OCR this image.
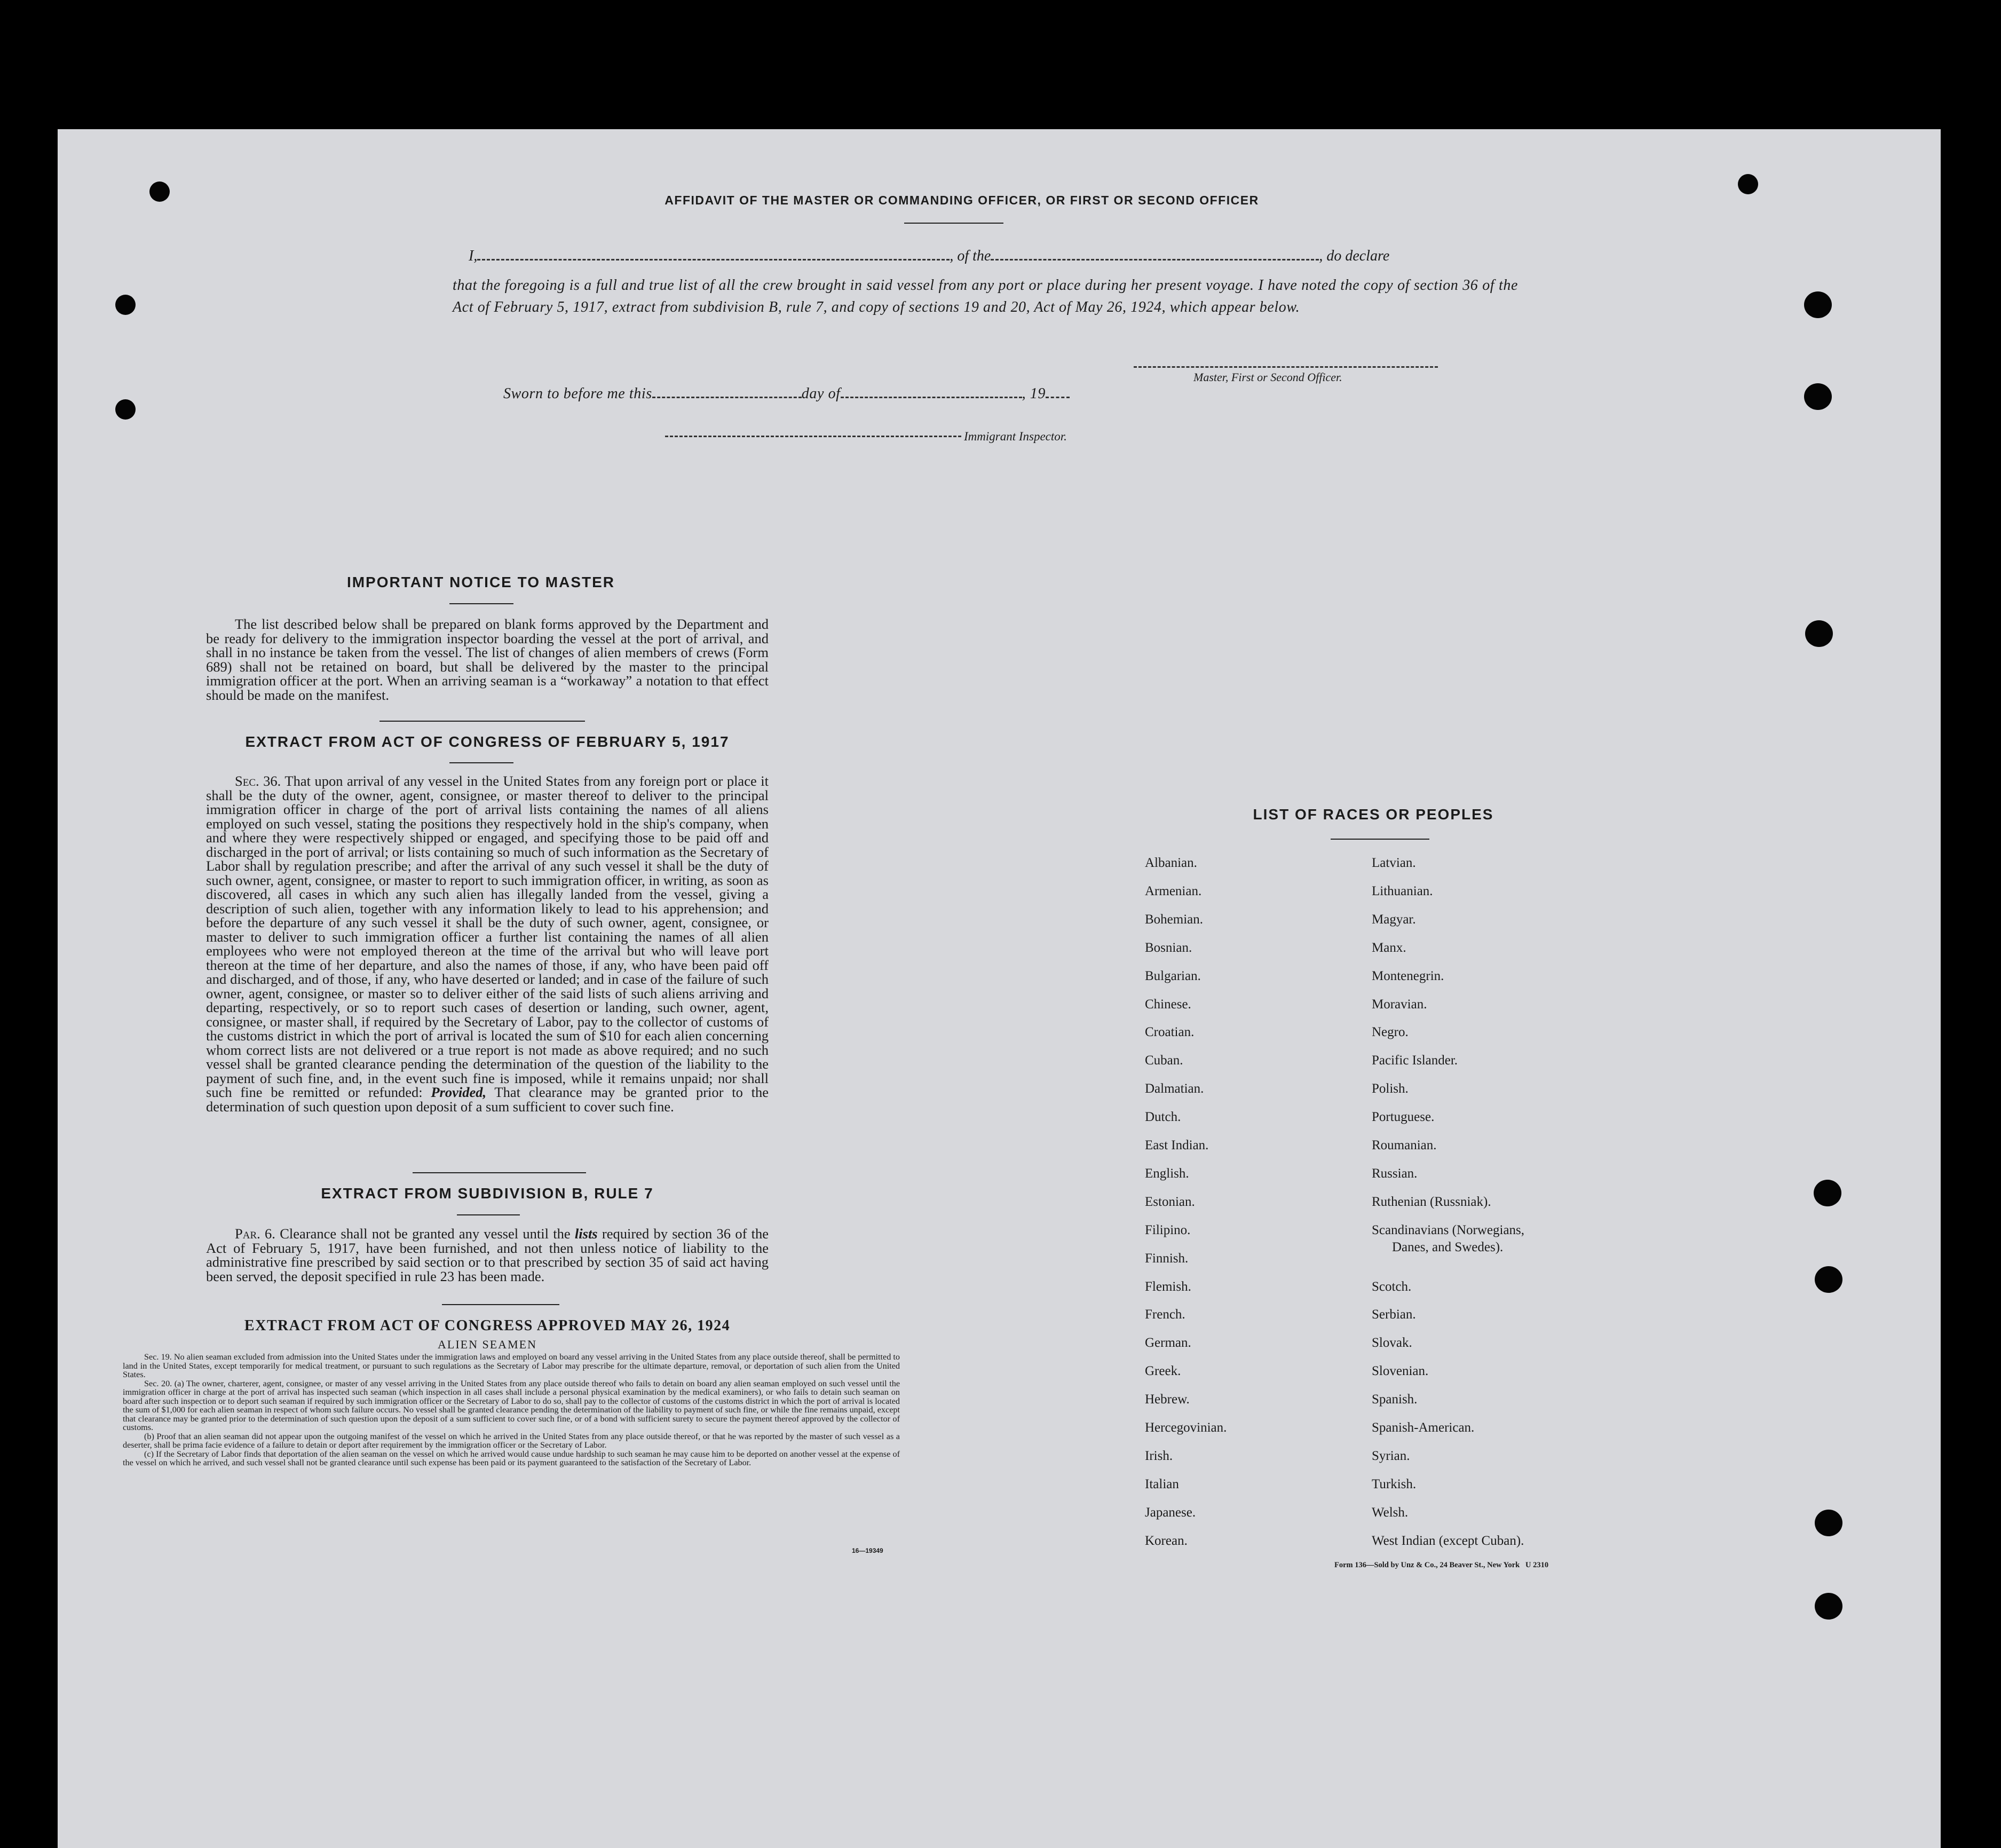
AFFIDAVIT OF THE MASTER OR COMMANDING OFFICER, OR FIRST OR SECOND OFFICER
I,	, of the	, do declare
that the foregoing is a full and true list of all the crew brought in said vessel from any port or place during her present voyage. I have noted the copy of section 36 of the Act of February 5, 1917, extract from subdivision B, rule 7, and copy of sections 19 and 20, Act of May 26, 1924, which appear below.
Master, First or Second Officer.
Sworn to before me this	day of	, 19
Immigrant Inspector.
IMPORTANT NOTICE TO MASTER
The list described below shall be prepared on blank forms approved by the Department and be ready for delivery to the immigration inspector boarding the vessel at the port of arrival, and shall in no instance be taken from the vessel. The list of changes of alien members of crews (Form 689) shall not be retained on board, but shall be delivered by the master to the principal immigration officer at the port. When an arriving seaman is a “workaway” a notation to that effect should be made on the manifest.
EXTRACT FROM ACT OF CONGRESS OF FEBRUARY 5, 1917
Sec. 36. That upon arrival of any vessel in the United States from any foreign port or place it shall be the duty of the owner, agent, consignee, or master thereof to deliver to the principal immigration officer in charge of the port of arrival lists containing the names of all aliens employed on such vessel, stating the positions they respectively hold in the ship's company, when and where they were respectively shipped or engaged, and specifying those to be paid off and discharged in the port of arrival; or lists containing so much of such information as the Secretary of Labor shall by regulation prescribe; and after the arrival of any such vessel it shall be the duty of such owner, agent, consignee, or master to report to such immigration officer, in writing, as soon as discovered, all cases in which any such alien has illegally landed from the vessel, giving a description of such alien, together with any information likely to lead to his apprehension; and before the departure of any such vessel it shall be the duty of such owner, agent, consignee, or master to deliver to such immigration officer a further list containing the names of all alien employees who were not employed thereon at the time of the arrival but who will leave port thereon at the time of her departure, and also the names of those, if any, who have been paid off and discharged, and of those, if any, who have deserted or landed; and in case of the failure of such owner, agent, consignee, or master so to deliver either of the said lists of such aliens arriving and departing, respectively, or so to report such cases of desertion or landing, such owner, agent, consignee, or master shall, if required by the Secretary of Labor, pay to the collector of customs of the customs district in which the port of arrival is located the sum of $10 for each alien concerning whom correct lists are not delivered or a true report is not made as above required; and no such vessel shall be granted clearance pending the determination of the question of the liability to the payment of such fine, and, in the event such fine is imposed, while it remains unpaid; nor shall such fine be remitted or refunded: Provided, That clearance may be granted prior to the determination of such question upon deposit of a sum sufficient to cover such fine.
EXTRACT FROM SUBDIVISION B, RULE 7
Par. 6. Clearance shall not be granted any vessel until the lists required by section 36 of the Act of February 5, 1917, have been furnished, and not then unless notice of liability to the administrative fine prescribed by said section or to that prescribed by section 35 of said act having been served, the deposit specified in rule 23 has been made.
EXTRACT FROM ACT OF CONGRESS APPROVED MAY 26, 1924
ALIEN SEAMEN
Sec. 19. No alien seaman excluded from admission into the United States under the immigration laws and employed on board any vessel arriving in the United States from any place outside thereof, shall be permitted to land in the United States, except temporarily for medical treatment, or pursuant to such regulations as the Secretary of Labor may prescribe for the ultimate departure, removal, or deportation of such alien from the United States.
Sec. 20. (a) The owner, charterer, agent, consignee, or master of any vessel arriving in the United States from any place outside thereof who fails to detain on board any alien seaman employed on such vessel until the immigration officer in charge at the port of arrival has inspected such seaman (which inspection in all cases shall include a personal physical examination by the medical examiners), or who fails to detain such seaman on board after such inspection or to deport such seaman if required by such immigration officer or the Secretary of Labor to do so, shall pay to the collector of customs of the customs district in which the port of arrival is located the sum of $1,000 for each alien seaman in respect of whom such failure occurs. No vessel shall be granted clearance pending the determination of the liability to payment of such fine, or while the fine remains unpaid, except that clearance may be granted prior to the determination of such question upon the deposit of a sum sufficient to cover such fine, or of a bond with sufficient surety to secure the payment thereof approved by the collector of customs.
(b) Proof that an alien seaman did not appear upon the outgoing manifest of the vessel on which he arrived in the United States from any place outside thereof, or that he was reported by the master of such vessel as a deserter, shall be prima facie evidence of a failure to detain or deport after requirement by the immigration officer or the Secretary of Labor.
(c) If the Secretary of Labor finds that deportation of the alien seaman on the vessel on which he arrived would cause undue hardship to such seaman he may cause him to be deported on another vessel at the expense of the vessel on which he arrived, and such vessel shall not be granted clearance until such expense has been paid or its payment guaranteed to the satisfaction of the Secretary of Labor.
16—19349
LIST OF RACES OR PEOPLES
Form 136—Sold by Unz & Co., 24 Beaver St., New York   U 2310
Albanian.
Armenian.
Bohemian.
Bosnian.
Bulgarian.
Chinese.
Croatian.
Cuban.
Dalmatian.
Dutch.
East Indian.
English.
Estonian.
Filipino.
Finnish.
Flemish.
French.
German.
Greek.
Hebrew.
Hercegovinian.
Irish.
Italian
Japanese.
Korean.
Latvian.
Lithuanian.
Magyar.
Manx.
Montenegrin.
Moravian.
Negro.
Pacific Islander.
Polish.
Portuguese.
Roumanian.
Russian.
Ruthenian (Russniak).
Scandinavians (Norwegians,
Danes, and Swedes).
Scotch.
Serbian.
Slovak.
Slovenian.
Spanish.
Spanish-American.
Syrian.
Turkish.
Welsh.
West Indian (except Cuban).
